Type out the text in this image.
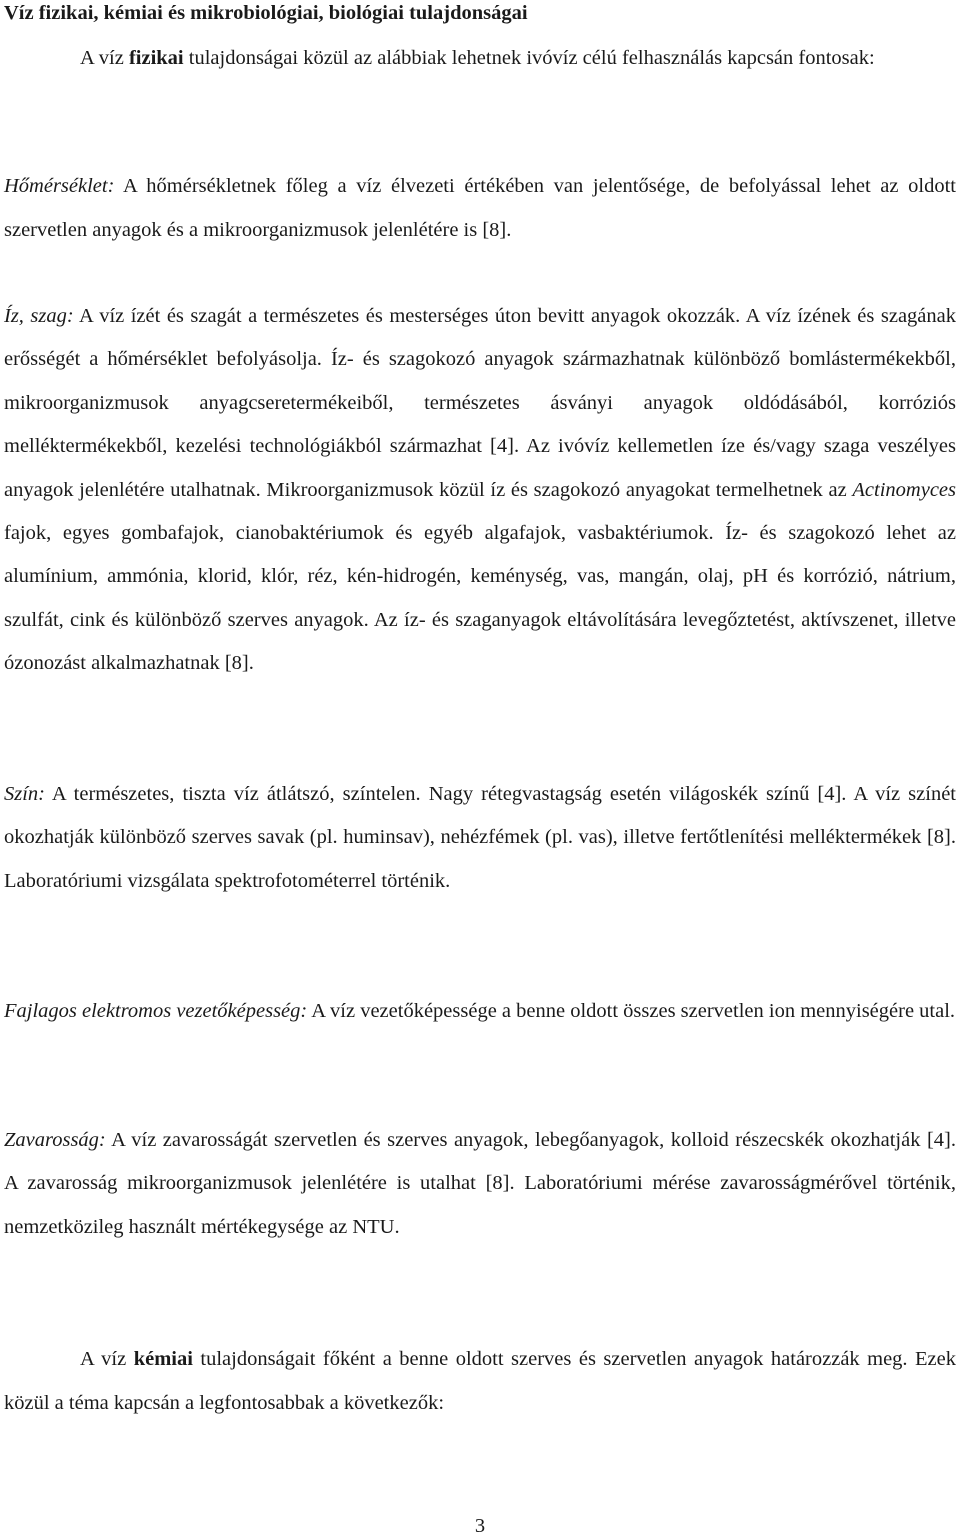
Víz fizikai, kémiai és mikrobiológiai, biológiai tulajdonságai

A víz fizikai tulajdonságai közül az alábbiak lehetnek ivóvíz célú felhasználás kapcsán fontosak:

Hőmérséklet: A hőmérsékletnek főleg a víz élvezeti értékében van jelentősége, de befolyással lehet az oldott szervetlen anyagok és a mikroorganizmusok jelenlétére is [8].

Íz, szag: A víz ízét és szagát a természetes és mesterséges úton bevitt anyagok okozzák. A víz ízének és szagának erősségét a hőmérséklet befolyásolja. Íz- és szagokozó anyagok származhatnak különböző bomlástermékekből, mikroorganizmusok anyagcseretermékeiből, természetes ásványi anyagok oldódásából, korróziós melléktermékekből, kezelési technológiákból származhat [4]. Az ivóvíz kellemetlen íze és/vagy szaga veszélyes anyagok jelenlétére utalhatnak. Mikroorganizmusok közül íz és szagokozó anyagokat termelhetnek az Actinomyces fajok, egyes gombafajok, cianobaktériumok és egyéb algafajok, vasbaktériumok. Íz- és szagokozó lehet az alumínium, ammónia, klorid, klór, réz, kén-hidrogén, keménység, vas, mangán, olaj, pH és korrózió, nátrium, szulfát, cink és különböző szerves anyagok. Az íz- és szaganyagok eltávolítására levegőztetést, aktívszenet, illetve ózonozást alkalmazhatnak [8].

Szín: A természetes, tiszta víz átlátszó, színtelen. Nagy rétegvastagság esetén világoskék színű [4]. A víz színét okozhatják különböző szerves savak (pl. huminsav), nehézfémek (pl. vas), illetve fertőtlenítési melléktermékek [8]. Laboratóriumi vizsgálata spektrofotométerrel történik.

Fajlagos elektromos vezetőképesség: A víz vezetőképessége a benne oldott összes szervetlen ion mennyiségére utal.

Zavarosság: A víz zavarosságát szervetlen és szerves anyagok, lebegőanyagok, kolloid részecskék okozhatják [4]. A zavarosság mikroorganizmusok jelenlétére is utalhat [8]. Laboratóriumi mérése zavarosságmérővel történik, nemzetközileg használt mértékegysége az NTU.

A víz kémiai tulajdonságait főként a benne oldott szerves és szervetlen anyagok határozzák meg. Ezek közül a téma kapcsán a legfontosabbak a következők:

3
